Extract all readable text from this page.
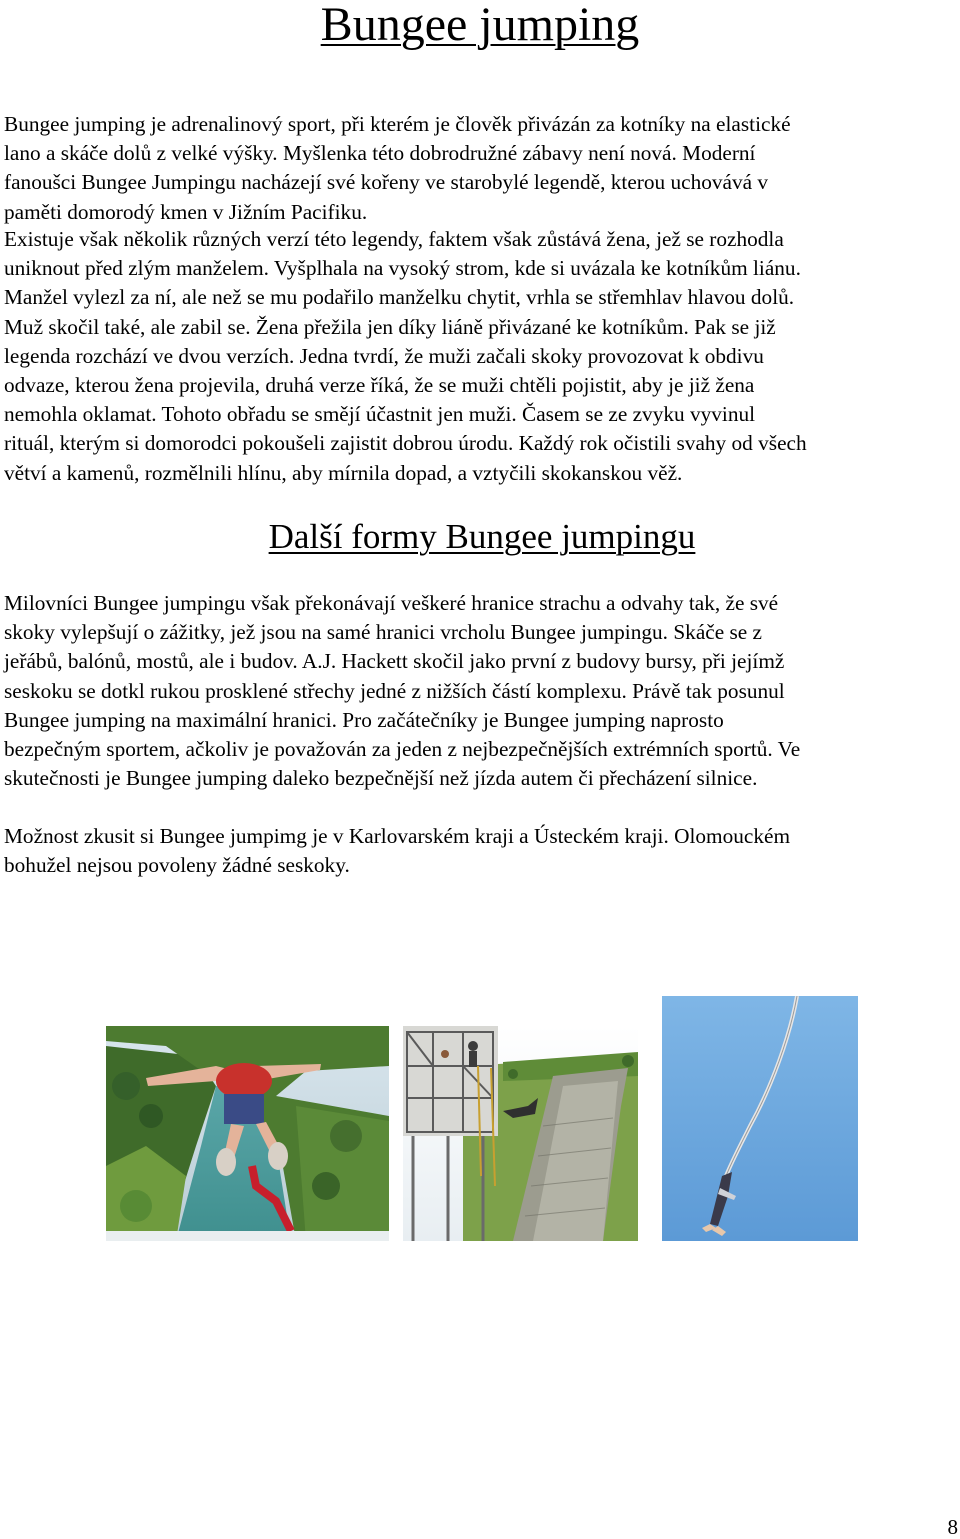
Bungee jumping

Bungee jumping je adrenalinový sport, při kterém je člověk přivázán za kotníky na elastické
lano a skáče dolů z velké výšky. Myšlenka této dobrodružné zábavy není nová. Moderní
fanoušci Bungee Jumpingu nacházejí své kořeny ve starobylé legendě, kterou uchovává v
paměti domorodý kmen v Jižním Pacifiku.

Existuje však několik různých verzí této legendy, faktem však zůstává žena, jež se rozhodla
uniknout před zlým manželem. Vyšplhala na vysoký strom, kde si uvázala ke kotníkům liánu.
Manžel vylezl za ní, ale než se mu podařilo manželku chytit, vrhla se střemhlav hlavou dolů.
Muž skočil také, ale zabil se. Žena přežila jen díky liáně přivázané ke kotníkům. Pak se již
legenda rozchází ve dvou verzích. Jedna tvrdí, že muži začali skoky provozovat k obdivu
odvaze, kterou žena projevila, druhá verze říká, že se muži chtěli pojistit, aby je již žena
nemohla oklamat. Tohoto obřadu se smějí účastnit jen muži. Časem se ze zvyku vyvinul
rituál, kterým si domorodci pokoušeli zajistit dobrou úrodu. Každý rok očistili svahy od všech
větví a kamenů, rozmělnili hlínu, aby mírnila dopad, a vztyčili skokanskou věž.

Další formy Bungee jumpingu

Milovníci Bungee jumpingu však překonávají veškeré hranice strachu a odvahy tak, že své
skoky vylepšují o zážitky, jež jsou na samé hranici vrcholu Bungee jumpingu. Skáče se z
jeřábů, balónů, mostů, ale i budov. A.J. Hackett skočil jako první z budovy bursy, při jejímž
seskoku se dotkl rukou prosklené střechy jedné z nižších částí komplexu. Právě tak posunul
Bungee jumping na maximální hranici. Pro začátečníky je Bungee jumping naprosto
bezpečným sportem, ačkoliv je považován za jeden z nejbezpečnějších extrémních sportů. Ve
skutečnosti je Bungee jumping daleko bezpečnější než jízda autem či přecházení silnice.

Možnost zkusit si Bungee jumpimg je v Karlovarském kraji a Ústeckém kraji. Olomouckém
bohužel nejsou povoleny žádné seskoky.

8
